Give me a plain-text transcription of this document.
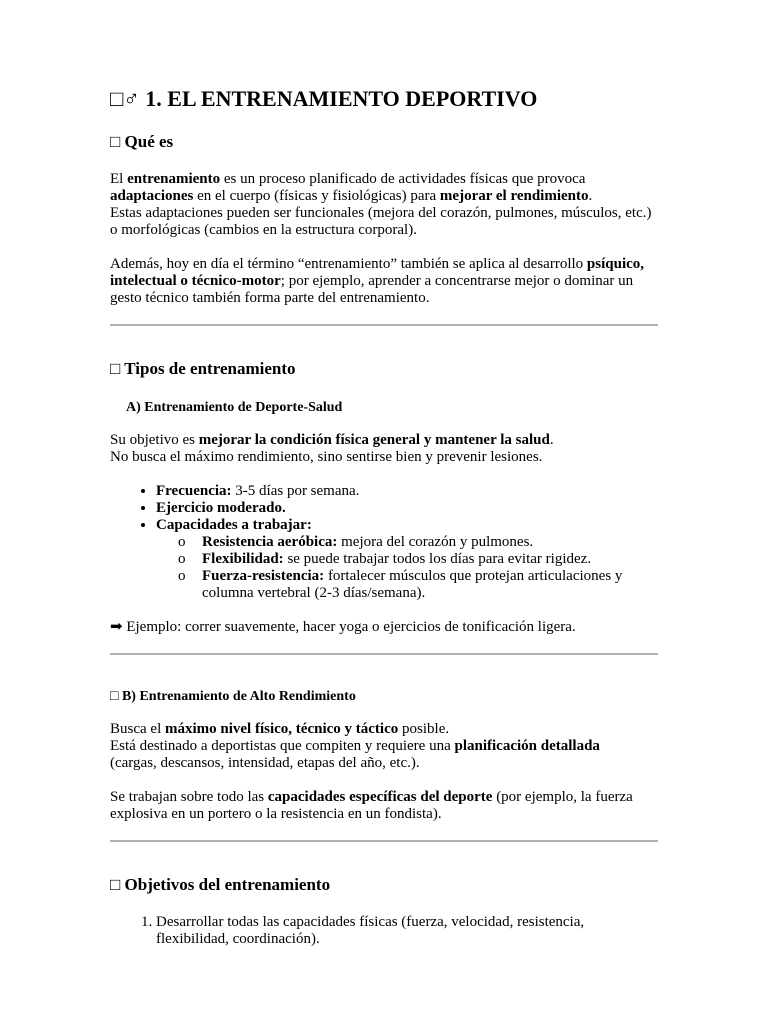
□♂ 1. EL ENTRENAMIENTO DEPORTIVO
□ Qué es

El entrenamiento es un proceso planificado de actividades físicas que provoca adaptaciones en el cuerpo (físicas y fisiológicas) para mejorar el rendimiento.
Estas adaptaciones pueden ser funcionales (mejora del corazón, pulmones, músculos, etc.) o morfológicas (cambios en la estructura corporal).

Además, hoy en día el término “entrenamiento” también se aplica al desarrollo psíquico, intelectual o técnico-motor; por ejemplo, aprender a concentrarse mejor o dominar un gesto técnico también forma parte del entrenamiento.

□ Tipos de entrenamiento
A) Entrenamiento de Deporte-Salud

Su objetivo es mejorar la condición física general y mantener la salud.
No busca el máximo rendimiento, sino sentirse bien y prevenir lesiones.

• Frecuencia: 3-5 días por semana.
• Ejercicio moderado.
• Capacidades a trabajar:
o Resistencia aeróbica: mejora del corazón y pulmones.
o Flexibilidad: se puede trabajar todos los días para evitar rigidez.
o Fuerza-resistencia: fortalecer músculos que protejan articulaciones y columna vertebral (2-3 días/semana).

➡ Ejemplo: correr suavemente, hacer yoga o ejercicios de tonificación ligera.

□ B) Entrenamiento de Alto Rendimiento

Busca el máximo nivel físico, técnico y táctico posible.
Está destinado a deportistas que compiten y requiere una planificación detallada
(cargas, descansos, intensidad, etapas del año, etc.).

Se trabajan sobre todo las capacidades específicas del deporte (por ejemplo, la fuerza explosiva en un portero o la resistencia en un fondista).

□ Objetivos del entrenamiento
1. Desarrollar todas las capacidades físicas (fuerza, velocidad, resistencia, flexibilidad, coordinación).
